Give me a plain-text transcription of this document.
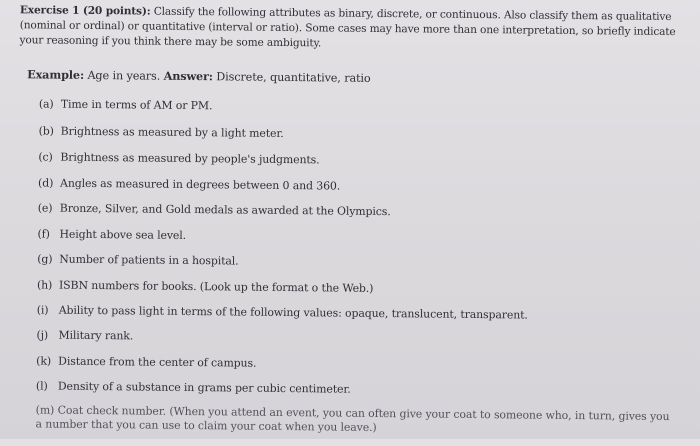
Exercise 1 (20 points): Classify the following attributes as binary, discrete, or continuous. Also classify them as qualitative (nominal or ordinal) or quantitative (interval or ratio). Some cases may have more than one interpretation, so briefly indicate your reasoning if you think there may be some ambiguity.
Example: Age in years. Answer: Discrete, quantitative, ratio
(a) Time in terms of AM or PM.
(b) Brightness as measured by a light meter.
(c) Brightness as measured by people's judgments.
(d) Angles as measured in degrees between 0 and 360.
(e) Bronze, Silver, and Gold medals as awarded at the Olympics.
(f) Height above sea level.
(g) Number of patients in a hospital.
(h) ISBN numbers for books. (Look up the format o the Web.)
(i) Ability to pass light in terms of the following values: opaque, translucent, transparent.
(j) Military rank.
(k) Distance from the center of campus.
(l) Density of a substance in grams per cubic centimeter.
(m) Coat check number. (When you attend an event, you can often give your coat to someone who, in turn, gives you a number that you can use to claim your coat when you leave.)
